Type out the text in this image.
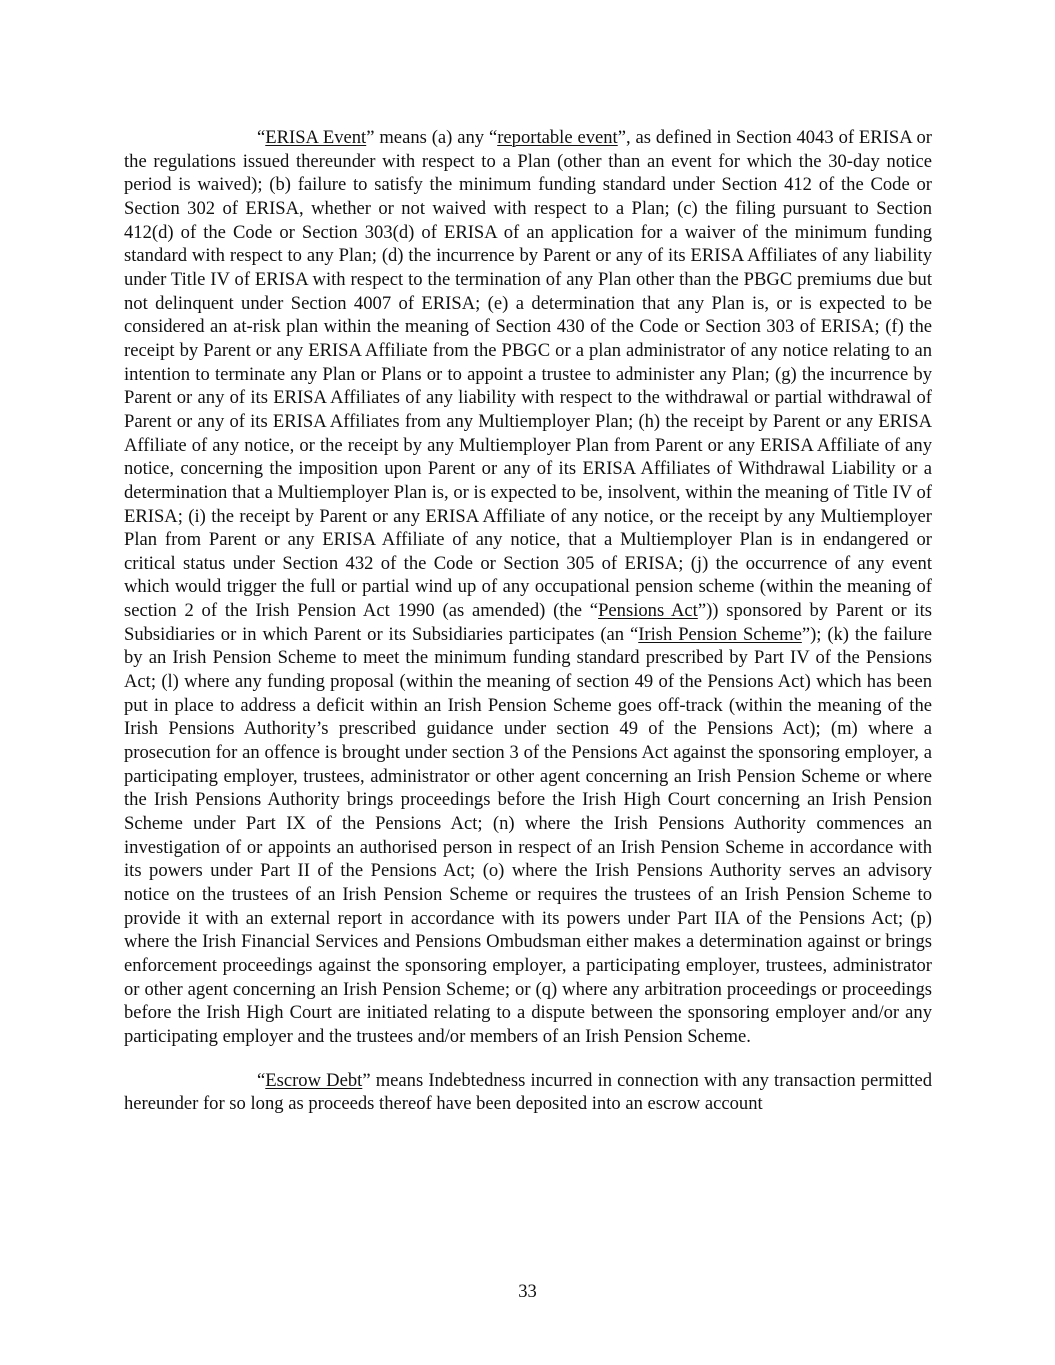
“ERISA Event” means (a) any “reportable event”, as defined in Section 4043 of ERISA or the regulations issued thereunder with respect to a Plan (other than an event for which the 30-day notice period is waived); (b) failure to satisfy the minimum funding standard under Section 412 of the Code or Section 302 of ERISA, whether or not waived with respect to a Plan; (c) the filing pursuant to Section 412(d) of the Code or Section 303(d) of ERISA of an application for a waiver of the minimum funding standard with respect to any Plan; (d) the incurrence by Parent or any of its ERISA Affiliates of any liability under Title IV of ERISA with respect to the termination of any Plan other than the PBGC premiums due but not delinquent under Section 4007 of ERISA; (e) a determination that any Plan is, or is expected to be considered an at-risk plan within the meaning of Section 430 of the Code or Section 303 of ERISA; (f) the receipt by Parent or any ERISA Affiliate from the PBGC or a plan administrator of any notice relating to an intention to terminate any Plan or Plans or to appoint a trustee to administer any Plan; (g) the incurrence by Parent or any of its ERISA Affiliates of any liability with respect to the withdrawal or partial withdrawal of Parent or any of its ERISA Affiliates from any Multiemployer Plan; (h) the receipt by Parent or any ERISA Affiliate of any notice, or the receipt by any Multiemployer Plan from Parent or any ERISA Affiliate of any notice, concerning the imposition upon Parent or any of its ERISA Affiliates of Withdrawal Liability or a determination that a Multiemployer Plan is, or is expected to be, insolvent, within the meaning of Title IV of ERISA; (i) the receipt by Parent or any ERISA Affiliate of any notice, or the receipt by any Multiemployer Plan from Parent or any ERISA Affiliate of any notice, that a Multiemployer Plan is in endangered or critical status under Section 432 of the Code or Section 305 of ERISA; (j) the occurrence of any event which would trigger the full or partial wind up of any occupational pension scheme (within the meaning of section 2 of the Irish Pension Act 1990 (as amended) (the “Pensions Act”)) sponsored by Parent or its Subsidiaries or in which Parent or its Subsidiaries participates (an “Irish Pension Scheme”); (k) the failure by an Irish Pension Scheme to meet the minimum funding standard prescribed by Part IV of the Pensions Act; (l) where any funding proposal (within the meaning of section 49 of the Pensions Act) which has been put in place to address a deficit within an Irish Pension Scheme goes off-track (within the meaning of the Irish Pensions Authority’s prescribed guidance under section 49 of the Pensions Act); (m) where a prosecution for an offence is brought under section 3 of the Pensions Act against the sponsoring employer, a participating employer, trustees, administrator or other agent concerning an Irish Pension Scheme or where the Irish Pensions Authority brings proceedings before the Irish High Court concerning an Irish Pension Scheme under Part IX of the Pensions Act; (n) where the Irish Pensions Authority commences an investigation of or appoints an authorised person in respect of an Irish Pension Scheme in accordance with its powers under Part II of the Pensions Act; (o) where the Irish Pensions Authority serves an advisory notice on the trustees of an Irish Pension Scheme or requires the trustees of an Irish Pension Scheme to provide it with an external report in accordance with its powers under Part IIA of the Pensions Act; (p) where the Irish Financial Services and Pensions Ombudsman either makes a determination against or brings enforcement proceedings against the sponsoring employer, a participating employer, trustees, administrator or other agent concerning an Irish Pension Scheme; or (q) where any arbitration proceedings or proceedings before the Irish High Court are initiated relating to a dispute between the sponsoring employer and/or any participating employer and the trustees and/or members of an Irish Pension Scheme.

“Escrow Debt” means Indebtedness incurred in connection with any transaction permitted hereunder for so long as proceeds thereof have been deposited into an escrow account

33
